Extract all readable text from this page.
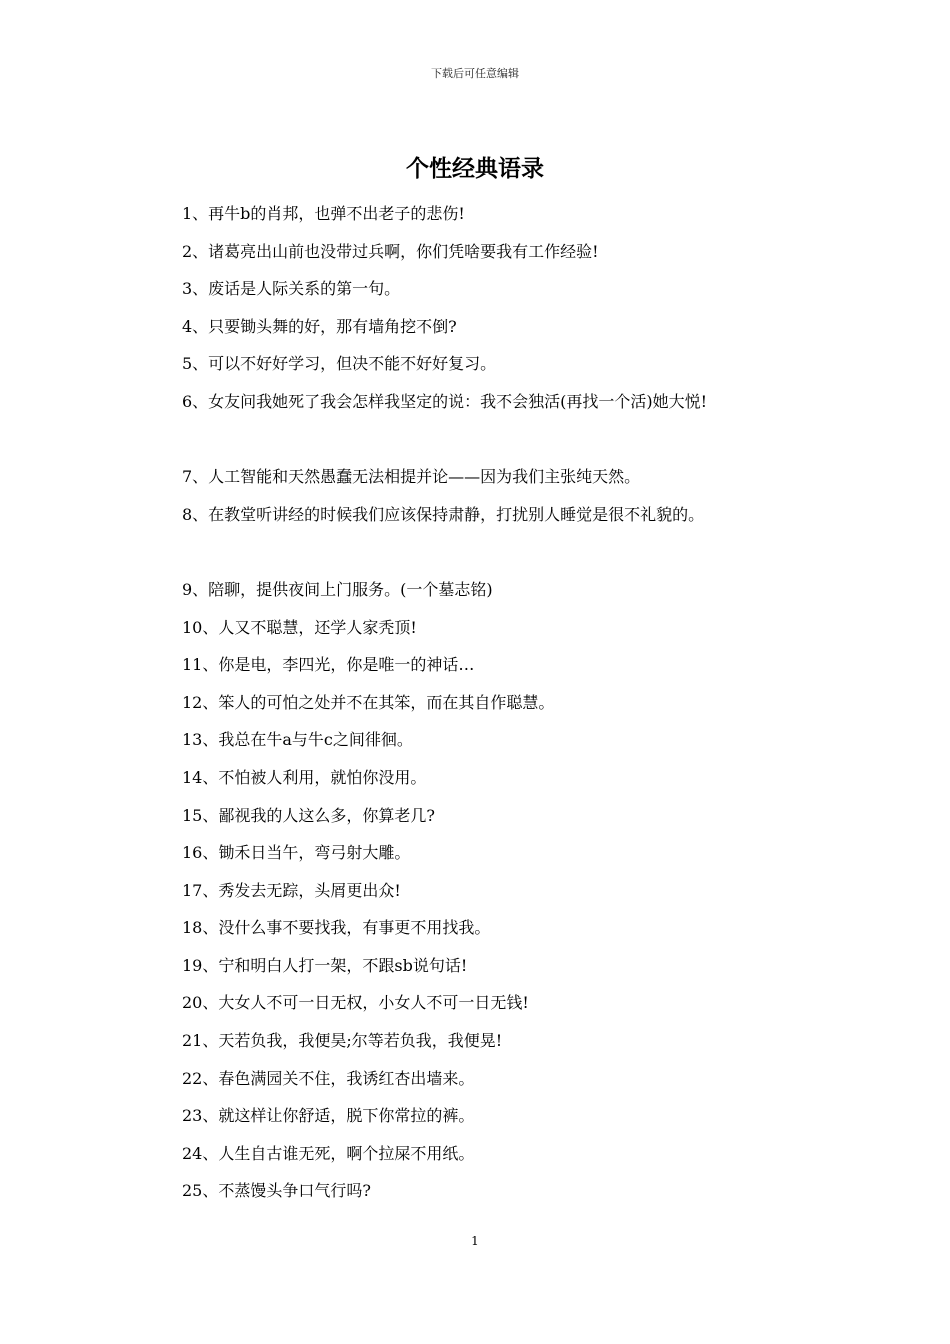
下载后可任意编辑
个性经典语录
1、再牛b的肖邦，也弹不出老子的悲伤!
2、诸葛亮出山前也没带过兵啊，你们凭啥要我有工作经验!
3、废话是人际关系的第一句。
4、只要锄头舞的好，那有墙角挖不倒?
5、可以不好好学习，但决不能不好好复习。
6、女友问我她死了我会怎样我坚定的说：我不会独活(再找一个活)她大悦!
7、人工智能和天然愚蠢无法相提并论——因为我们主张纯天然。
8、在教堂听讲经的时候我们应该保持肃静，打扰别人睡觉是很不礼貌的。
9、陪聊，提供夜间上门服务。(一个墓志铭)
10、人又不聪慧，还学人家秃顶!
11、你是电，李四光，你是唯一的神话…
12、笨人的可怕之处并不在其笨，而在其自作聪慧。
13、我总在牛a与牛c之间徘徊。
14、不怕被人利用，就怕你没用。
15、鄙视我的人这么多，你算老几?
16、锄禾日当午，弯弓射大雕。
17、秀发去无踪，头屑更出众!
18、没什么事不要找我，有事更不用找我。
19、宁和明白人打一架，不跟sb说句话!
20、大女人不可一日无权，小女人不可一日无钱!
21、天若负我，我便昊;尔等若负我，我便晃!
22、春色满园关不住，我诱红杏出墙来。
23、就这样让你舒适，脱下你常拉的裤。
24、人生自古谁无死，啊个拉屎不用纸。
25、不蒸馒头争口气行吗?
1
